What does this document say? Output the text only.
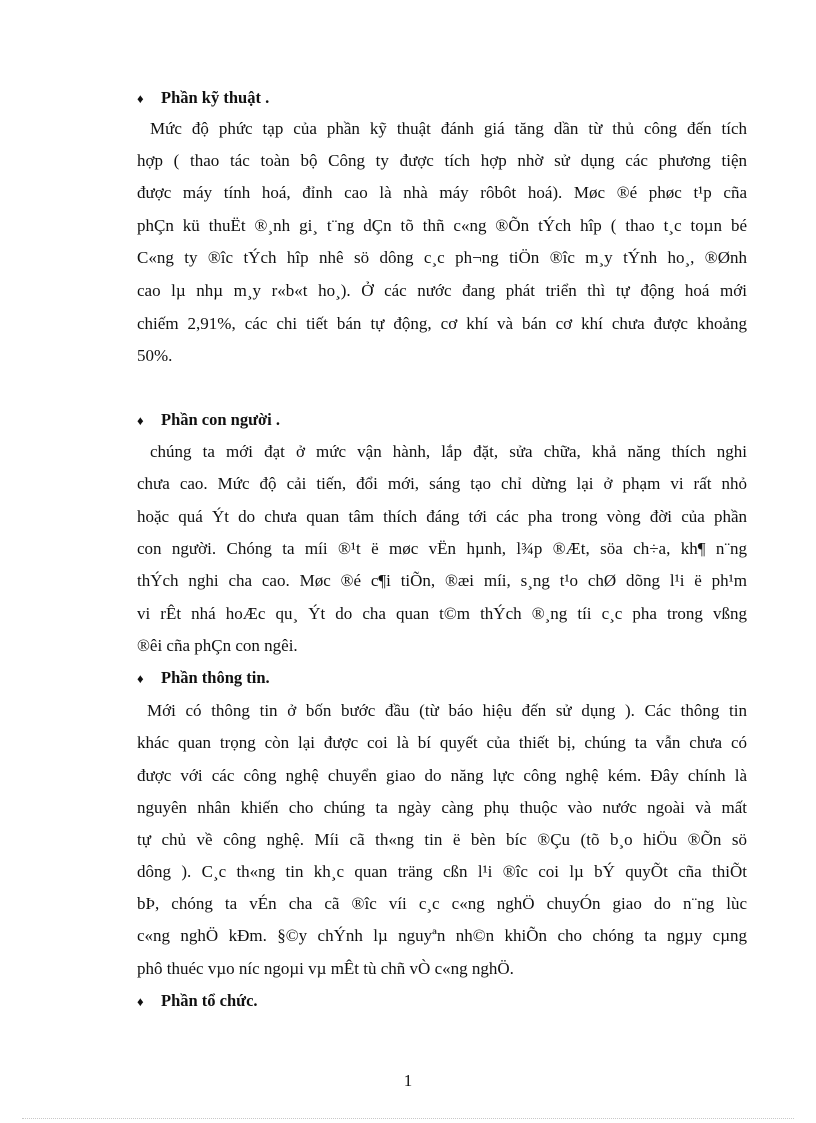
♦ Phần kỹ thuật .
Mức độ phức tạp của phần kỹ thuật đánh giá tăng dần từ thủ công đến tích
hợp ( thao tác toàn bộ Công ty được tích hợp nhờ sử dụng các phương tiện
được máy tính hoá, đỉnh cao là nhà máy rôbôt hoá). Møc ®é phøc t¹p cña
phÇn kü thuËt ®¸nh gi¸ t¨ng dÇn tõ thñ c«ng ®Õn tÝch hîp ( thao t¸c toµn bé
C«ng ty ®îc tÝch hîp nhê sö dông c¸c ph¬ng tiÖn ®îc m¸y tÝnh ho¸, ®Ønh
cao lµ nhµ m¸y r«b«t ho¸). Ở các nước đang phát triển thì tự động hoá mới
chiếm 2,91%, các chi tiết bán tự động, cơ khí và bán cơ khí chưa được khoảng
50%.
♦ Phần con người .
chúng ta mới đạt ở mức vận hành, lắp đặt, sửa chữa, khả năng thích nghi
chưa cao. Mức độ cải tiến, đổi mới, sáng tạo chỉ dừng lại ở phạm vi rất nhỏ
hoặc quá Ýt do chưa quan tâm thích đáng tới các pha trong vòng đời của phần
con người. Chóng ta míi ®¹t ë møc vËn hµnh, l¾p ®Æt, söa ch÷a, kh¶ n¨ng
thÝch nghi cha cao. Møc ®é c¶i tiÕn, ®æi míi, s¸ng t¹o chØ dõng l¹i ë ph¹m
vi rÊt nhá hoÆc qu¸ Ýt do cha quan t©m thÝch ®¸ng tíi c¸c pha trong vßng
®êi cña phÇn con ngêi.
♦ Phần thông tin.
Mới có thông tin ở bốn bước đầu (từ báo hiệu đến sử dụng ). Các thông tin
khác quan trọng còn lại được coi là bí quyết của thiết bị, chúng ta vẫn chưa có
được với các công nghệ chuyển giao do năng lực công nghệ kém. Đây chính là
nguyên nhân khiến cho chúng ta ngày càng phụ thuộc vào nước ngoài và mất
tự chủ về công nghệ. Míi cã th«ng tin ë bèn bíc ®Çu (tõ b¸o hiÖu ®Õn sö
dông ). C¸c th«ng tin kh¸c quan träng cßn l¹i ®îc coi lµ bÝ quyÕt cña thiÕt
bÞ, chóng ta vÉn cha cã ®îc víi c¸c c«ng nghÖ chuyÓn giao do n¨ng lùc
c«ng nghÖ kÐm. §©y chÝnh lµ nguyªn nh©n khiÕn cho chóng ta ngµy cµng
phô thuéc vµo níc ngoµi vµ mÊt tù chñ vÒ c«ng nghÖ.
♦ Phần tổ chức.
1
